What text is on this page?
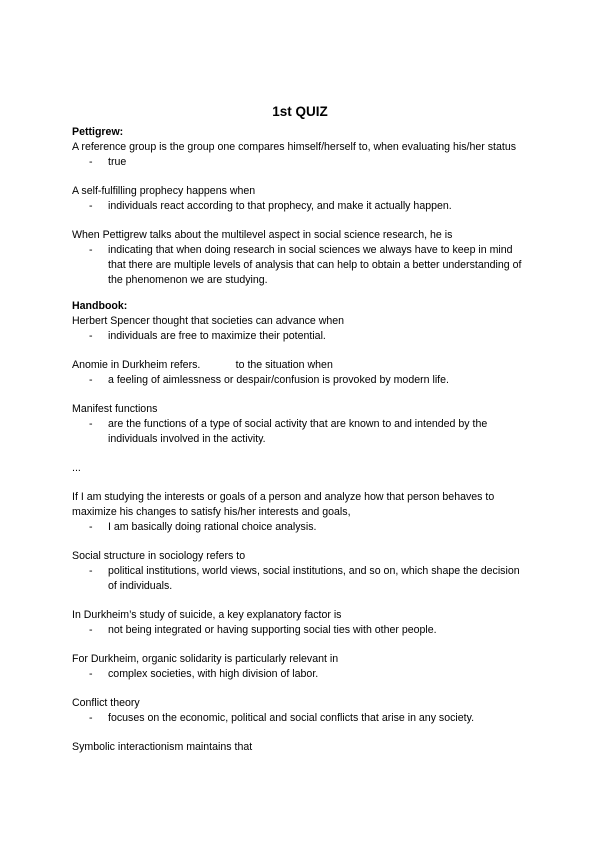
1st QUIZ

Pettigrew:

A reference group is the group one compares himself/herself to, when evaluating his/her status

- true

A self-fulfilling prophecy happens when

- individuals react according to that prophecy, and make it actually happen.

When Pettigrew talks about the multilevel aspect in social science research, he is

- indicating that when doing research in social sciences we always have to keep in mind that there are multiple levels of analysis that can help to obtain a better understanding of the phenomenon we are studying.

Handbook:

Herbert Spencer thought that societies can advance when

- individuals are free to maximize their potential.

Anomie in Durkheim refers.            to the situation when

- a feeling of aimlessness or despair/confusion is provoked by modern life.

Manifest functions

- are the functions of a type of social activity that are known to and intended by the individuals involved in the activity.

...

If I am studying the interests or goals of a person and analyze how that person behaves to maximize his changes to satisfy his/her interests and goals,

- I am basically doing rational choice analysis.

Social structure in sociology refers to

- political institutions, world views, social institutions, and so on, which shape the decision of individuals.

In Durkheim’s study of suicide, a key explanatory factor is

- not being integrated or having supporting social ties with other people.

For Durkheim, organic solidarity is particularly relevant in

- complex societies, with high division of labor.

Conflict theory

- focuses on the economic, political and social conflicts that arise in any society.

Symbolic interactionism maintains that
